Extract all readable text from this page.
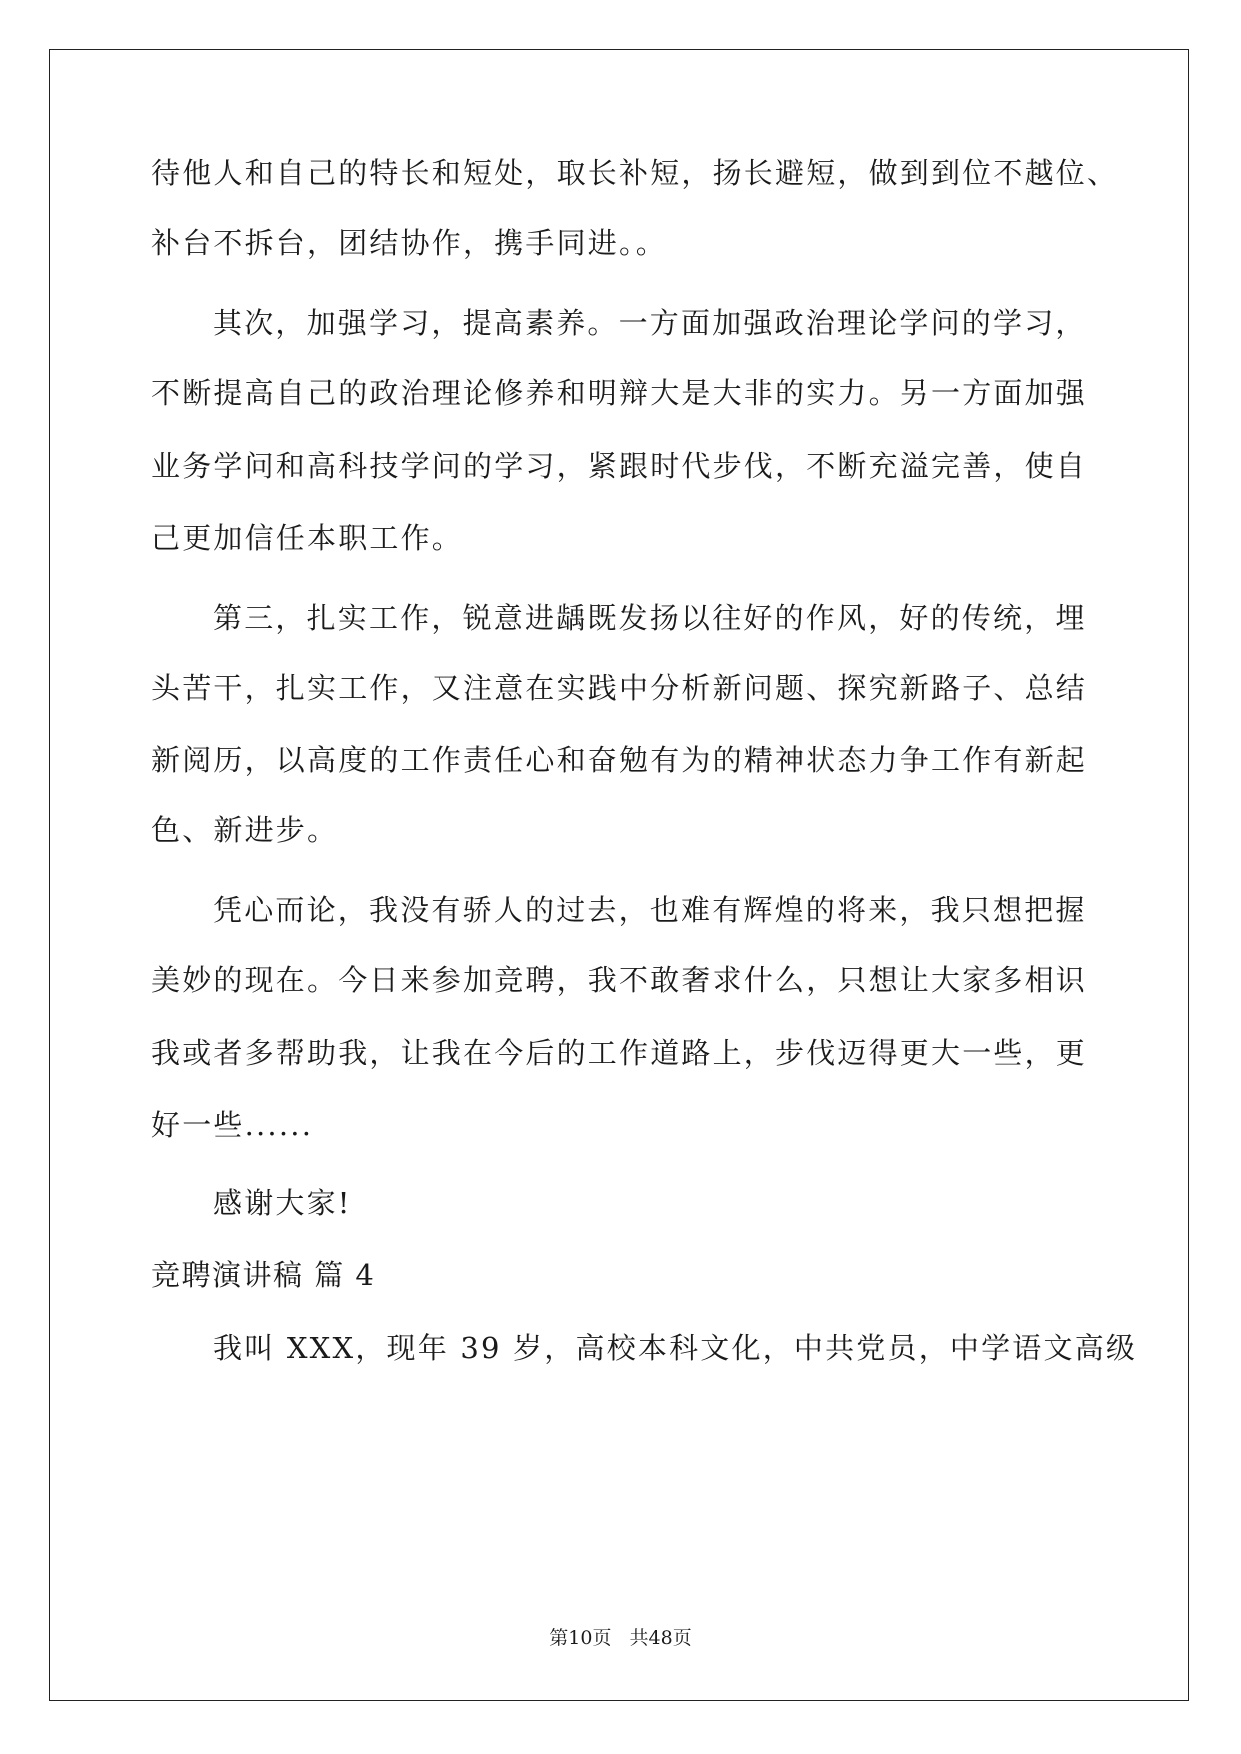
待他人和自己的特长和短处，取长补短，扬长避短，做到到位不越位、
补台不拆台，团结协作，携手同进。。
其次，加强学习，提高素养。一方面加强政治理论学问的学习，
不断提高自己的政治理论修养和明辩大是大非的实力。另一方面加强
业务学问和高科技学问的学习，紧跟时代步伐，不断充溢完善，使自
己更加信任本职工作。
第三，扎实工作，锐意进龋既发扬以往好的作风，好的传统，埋
头苦干，扎实工作，又注意在实践中分析新问题、探究新路子、总结
新阅历，以高度的工作责任心和奋勉有为的精神状态力争工作有新起
色、新进步。
凭心而论，我没有骄人的过去，也难有辉煌的将来，我只想把握
美妙的现在。今日来参加竞聘，我不敢奢求什么，只想让大家多相识
我或者多帮助我，让我在今后的工作道路上，步伐迈得更大一些，更
好一些......
感谢大家!
竞聘演讲稿 篇 4
我叫 XXX，现年 39 岁，高校本科文化，中共党员，中学语文高级
第10页 共48页
